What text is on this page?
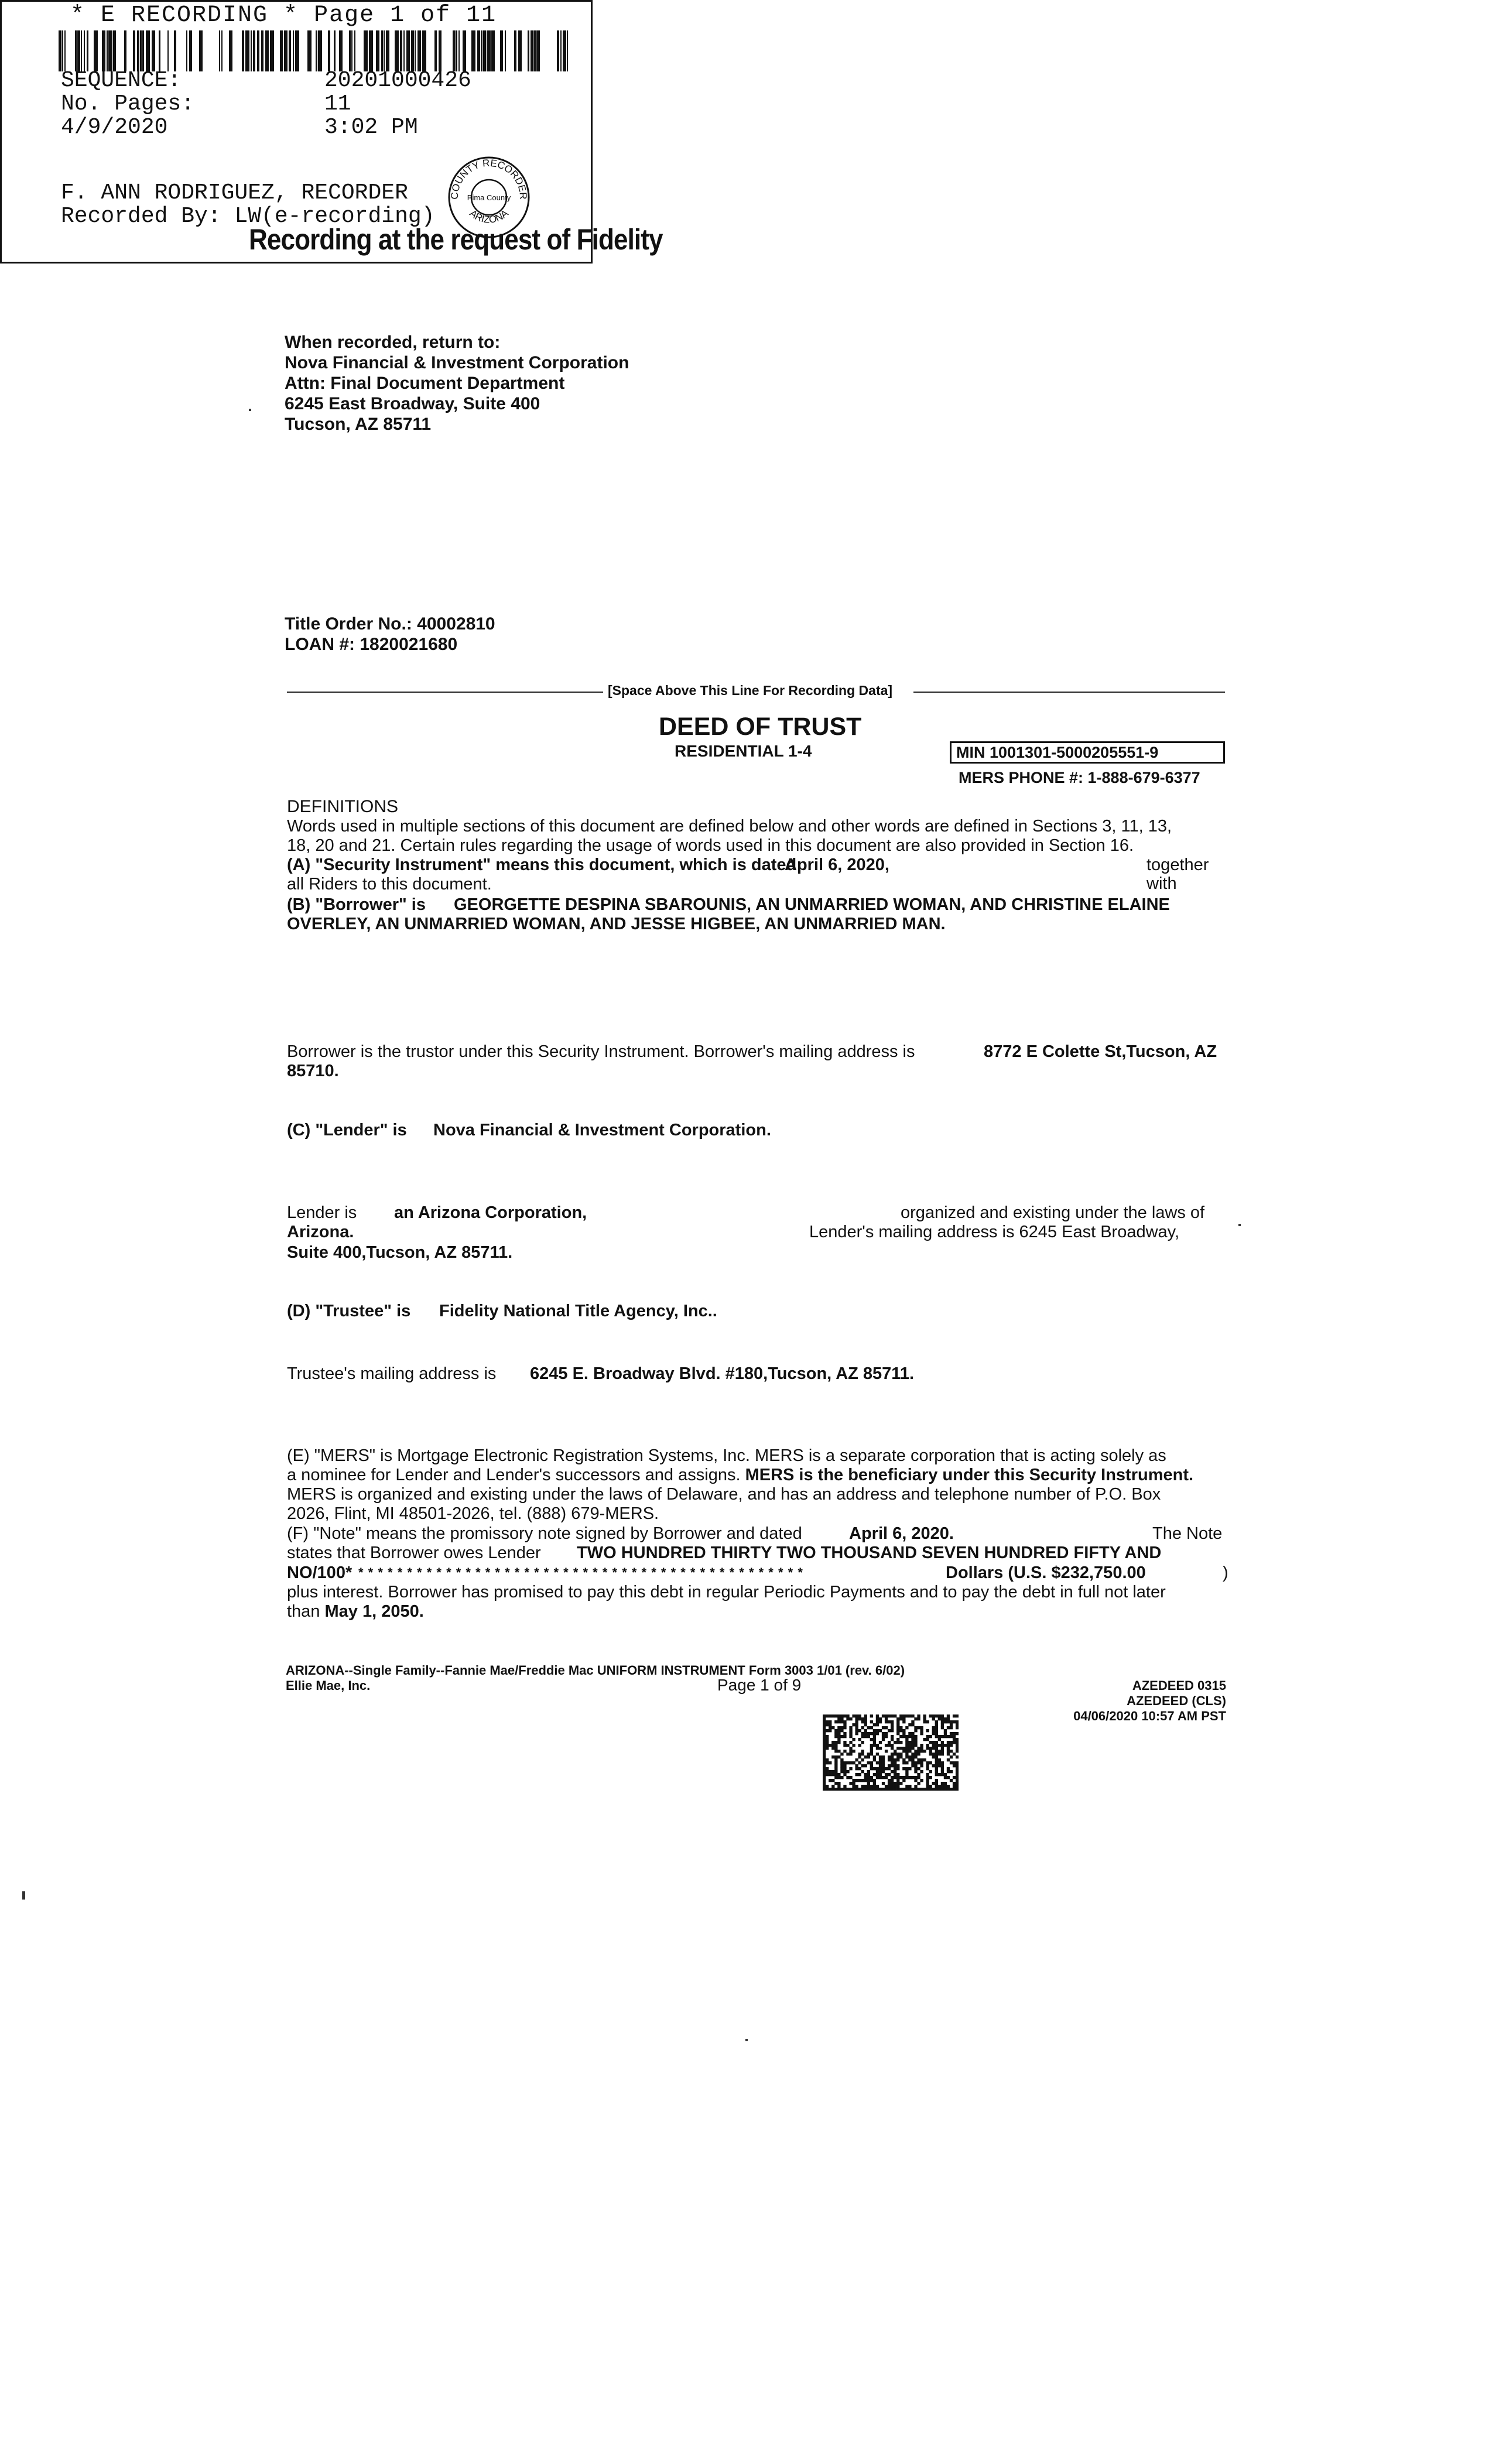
* E RECORDING * Page 1 of 11
SEQUENCE:	20201000426
No. Pages:	11
4/9/2020	3:02 PM
F. ANN RODRIGUEZ, RECORDER
Recorded By: LW(e-recording)
COUNTY RECORDER
ARIZONA
Pima County
Recording at the request of Fidelity
When recorded, return to:
Nova Financial & Investment Corporation
Attn: Final Document Department
6245 East Broadway, Suite 400
Tucson, AZ 85711
Title Order No.: 40002810
LOAN #: 1820021680
[Space Above This Line For Recording Data]
DEED OF TRUST
RESIDENTIAL 1-4	MIN 1001301-5000205551-9
MERS PHONE #: 1-888-679-6377
DEFINITIONS
Words used in multiple sections of this document are defined below and other words are defined in Sections 3, 11, 13,
18, 20 and 21. Certain rules regarding the usage of words used in this document are also provided in Section 16.
(A) "Security Instrument" means this document, which is dated
April 6, 2020,	together with
all Riders to this document.
(B) "Borrower" is GEORGETTE DESPINA SBAROUNIS, AN UNMARRIED WOMAN, AND CHRISTINE ELAINE
OVERLEY, AN UNMARRIED WOMAN, AND JESSE HIGBEE, AN UNMARRIED MAN.
Borrower is the trustor under this Security Instrument. Borrower's mailing address is	8772 E Colette St,Tucson, AZ
85710.
(C) "Lender" is Nova Financial & Investment Corporation.
Lender is an Arizona Corporation,	organized and existing under the laws of
Arizona.	Lender's mailing address is 6245 East Broadway,
Suite 400,Tucson, AZ 85711.
(D) "Trustee" is Fidelity National Title Agency, Inc..
Trustee's mailing address is 6245 E. Broadway Blvd. #180,Tucson, AZ 85711.
(E) "MERS" is Mortgage Electronic Registration Systems, Inc. MERS is a separate corporation that is acting solely as
a nominee for Lender and Lender's successors and assigns. MERS is the beneficiary under this Security Instrument.
MERS is organized and existing under the laws of Delaware, and has an address and telephone number of P.O. Box
2026, Flint, MI 48501-2026, tel. (888) 679-MERS.
(F) "Note" means the promissory note signed by Borrower and dated	April 6, 2020.	The Note
states that Borrower owes Lender TWO HUNDRED THIRTY TWO THOUSAND SEVEN HUNDRED FIFTY AND
NO/100* * * * * * * * * * * * * * * * * * * * * * * * * * * * * * * * * * * * * * * * * * * * * * *	Dollars (U.S. $232,750.00	)
plus interest. Borrower has promised to pay this debt in regular Periodic Payments and to pay the debt in full not later
than May 1, 2050.
ARIZONA--Single Family--Fannie Mae/Freddie Mac UNIFORM INSTRUMENT Form 3003 1/01 (rev. 6/02)
Ellie Mae, Inc.	Page 1 of 9	AZEDEED 0315
AZEDEED (CLS)
04/06/2020 10:57 AM PST
